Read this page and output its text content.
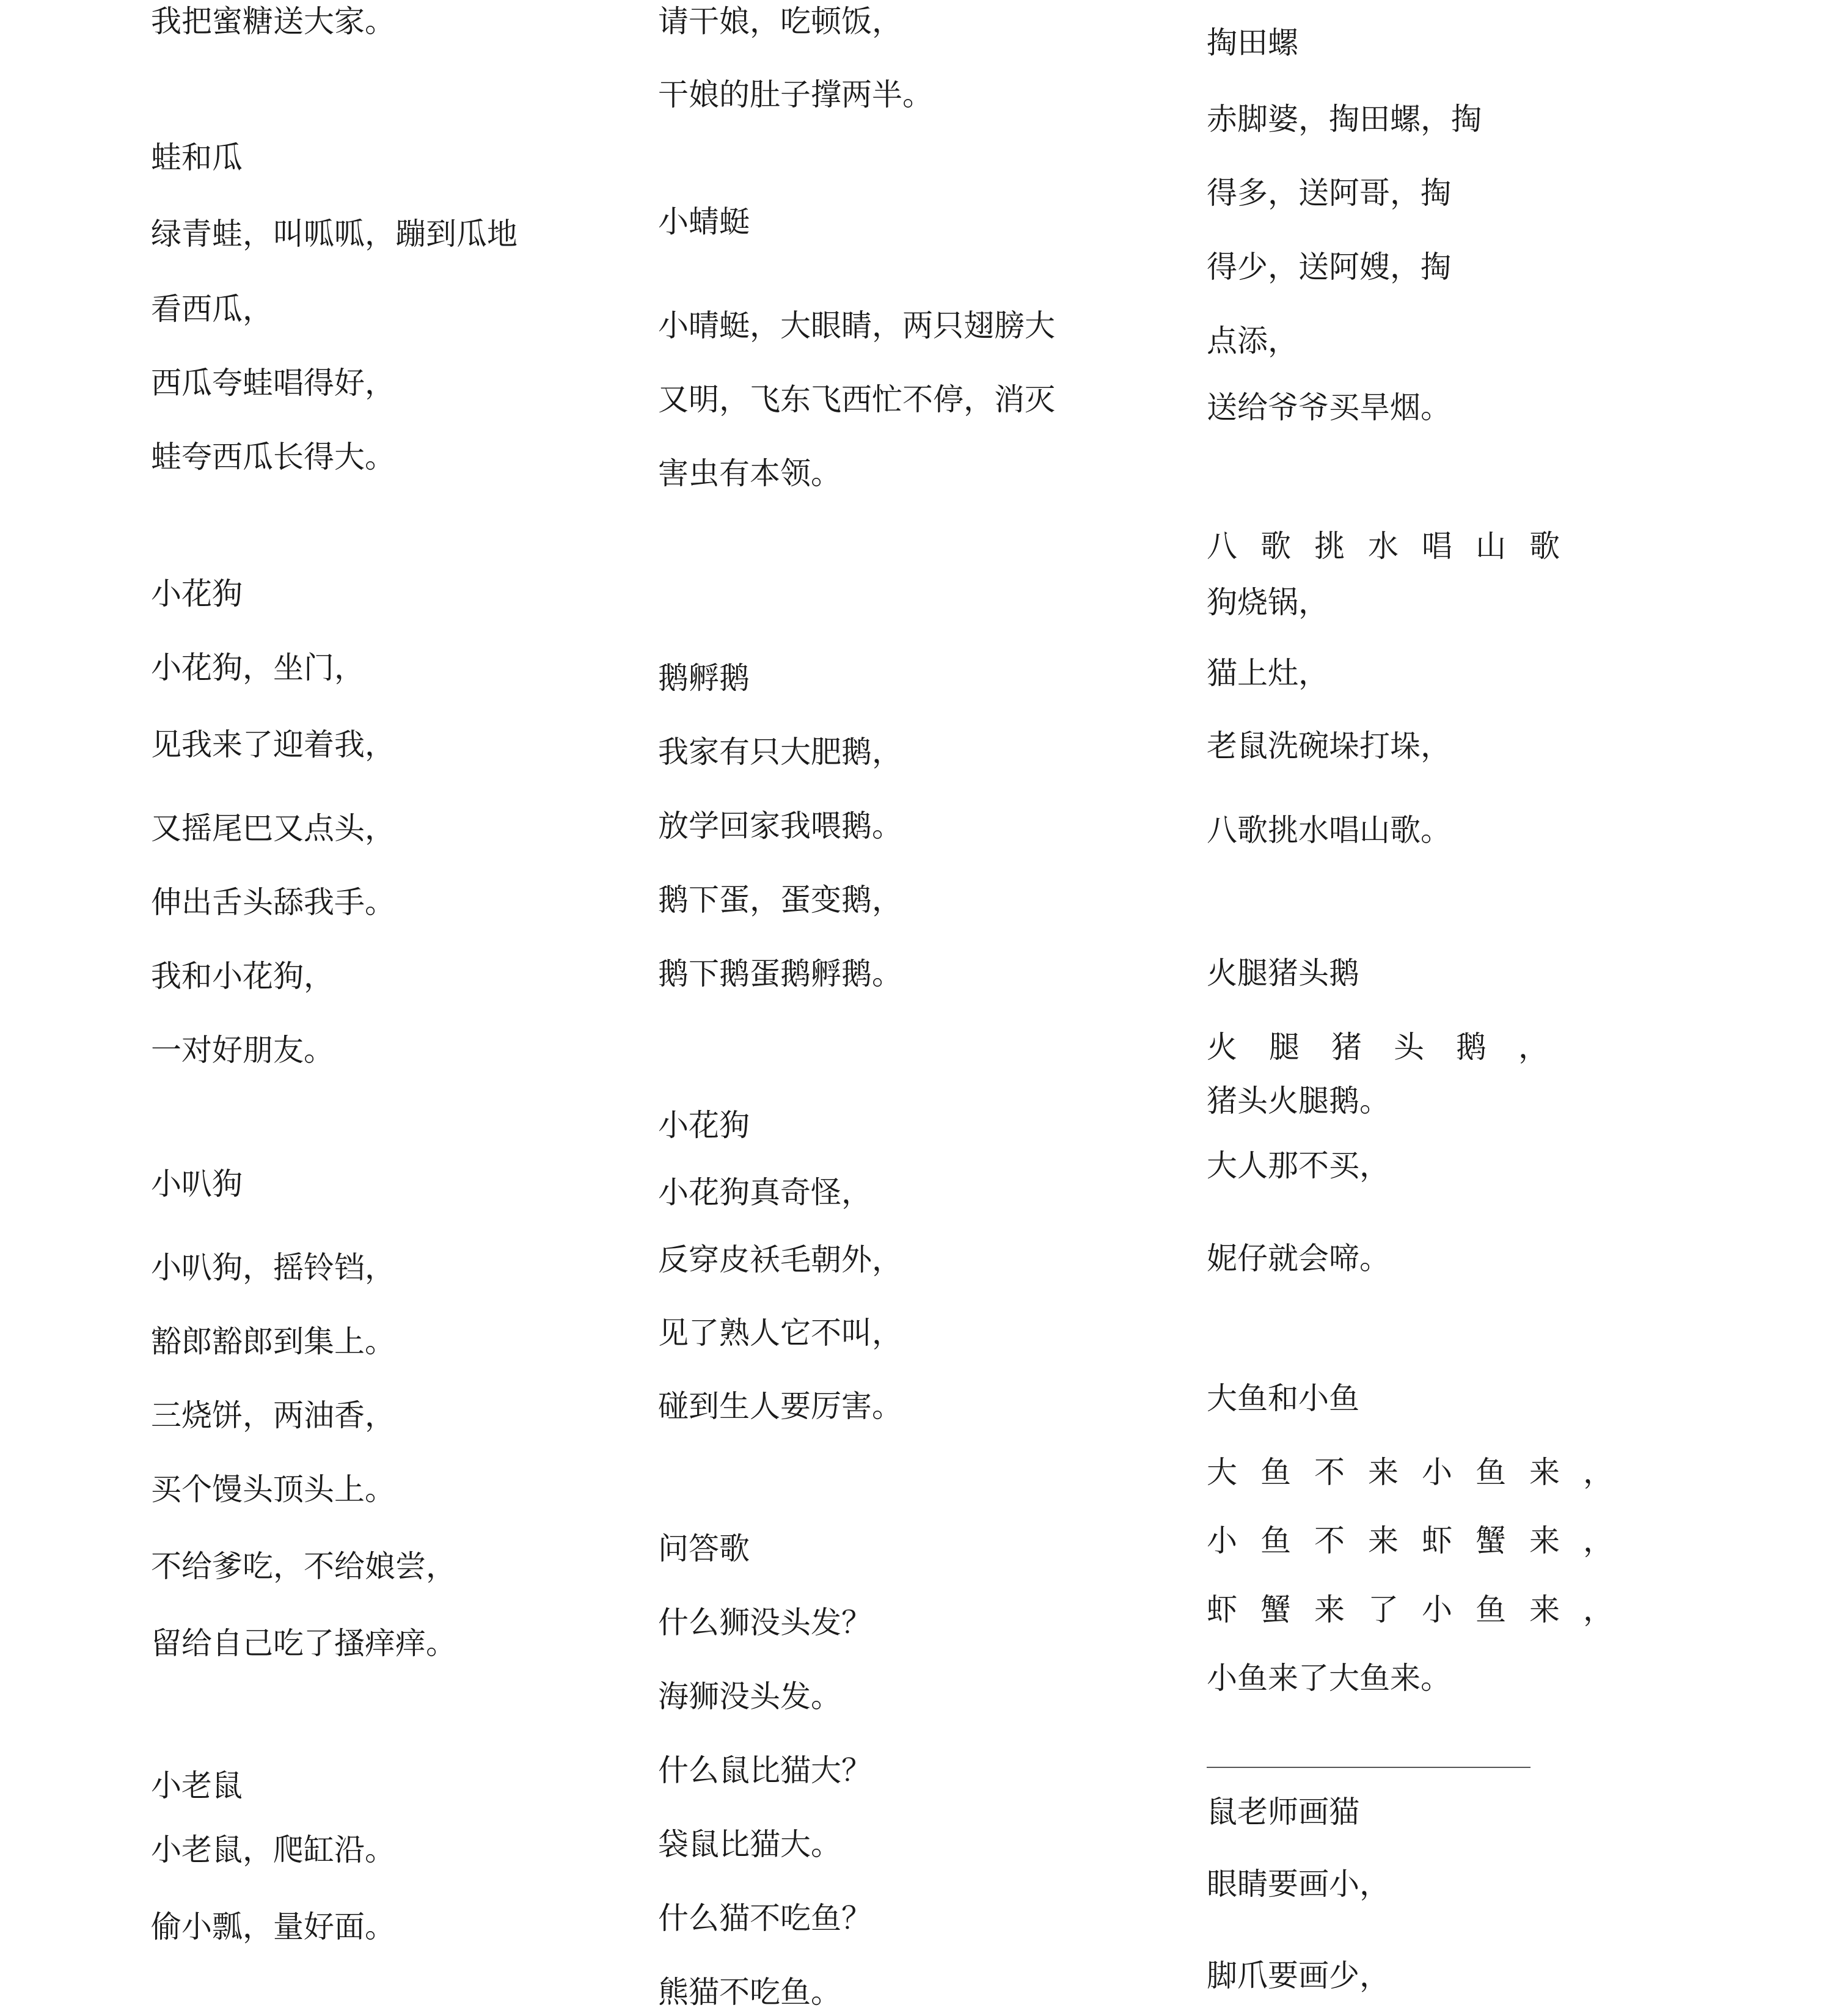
我把蜜糖送大家。
蛙和瓜
绿青蛙，叫呱呱，蹦到瓜地
看西瓜，
西瓜夸蛙唱得好，
蛙夸西瓜长得大。
小花狗
小花狗，坐门，
见我来了迎着我，
又摇尾巴又点头，
伸出舌头舔我手。
我和小花狗，
一对好朋友。
小叭狗
小叭狗，摇铃铛，
豁郎豁郎到集上。
三烧饼，两油香，
买个馒头顶头上。
不给爹吃，不给娘尝，
留给自己吃了搔痒痒。
小老鼠
小老鼠，爬缸沿。
偷小瓢，量好面。
请干娘，吃顿饭，
干娘的肚子撑两半。
小蜻蜓
小晴蜓，大眼睛，两只翅膀大
又明，飞东飞西忙不停，消灭
害虫有本领。
鹅孵鹅
我家有只大肥鹅，
放学回家我喂鹅。
鹅下蛋，蛋变鹅，
鹅下鹅蛋鹅孵鹅。
小花狗
小花狗真奇怪，
反穿皮袄毛朝外，
见了熟人它不叫，
碰到生人要厉害。
问答歌
什么狮没头发？
海狮没头发。
什么鼠比猫大？
袋鼠比猫大。
什么猫不吃鱼？
熊猫不吃鱼。
掏田螺
赤脚婆，掏田螺，掏
得多，送阿哥，掏
得少，送阿嫂，掏
点添，
送给爷爷买旱烟。
八歌挑水唱山歌
狗烧锅，
猫上灶，
老鼠洗碗垛打垛，
八歌挑水唱山歌。
火腿猪头鹅
火腿猪头鹅，
猪头火腿鹅。
大人那不买，
妮仔就会啼。
大鱼和小鱼
大鱼不来小鱼来，
小鱼不来虾蟹来，
虾蟹来了小鱼来，
小鱼来了大鱼来。
鼠老师画猫
眼睛要画小，
脚爪要画少，
